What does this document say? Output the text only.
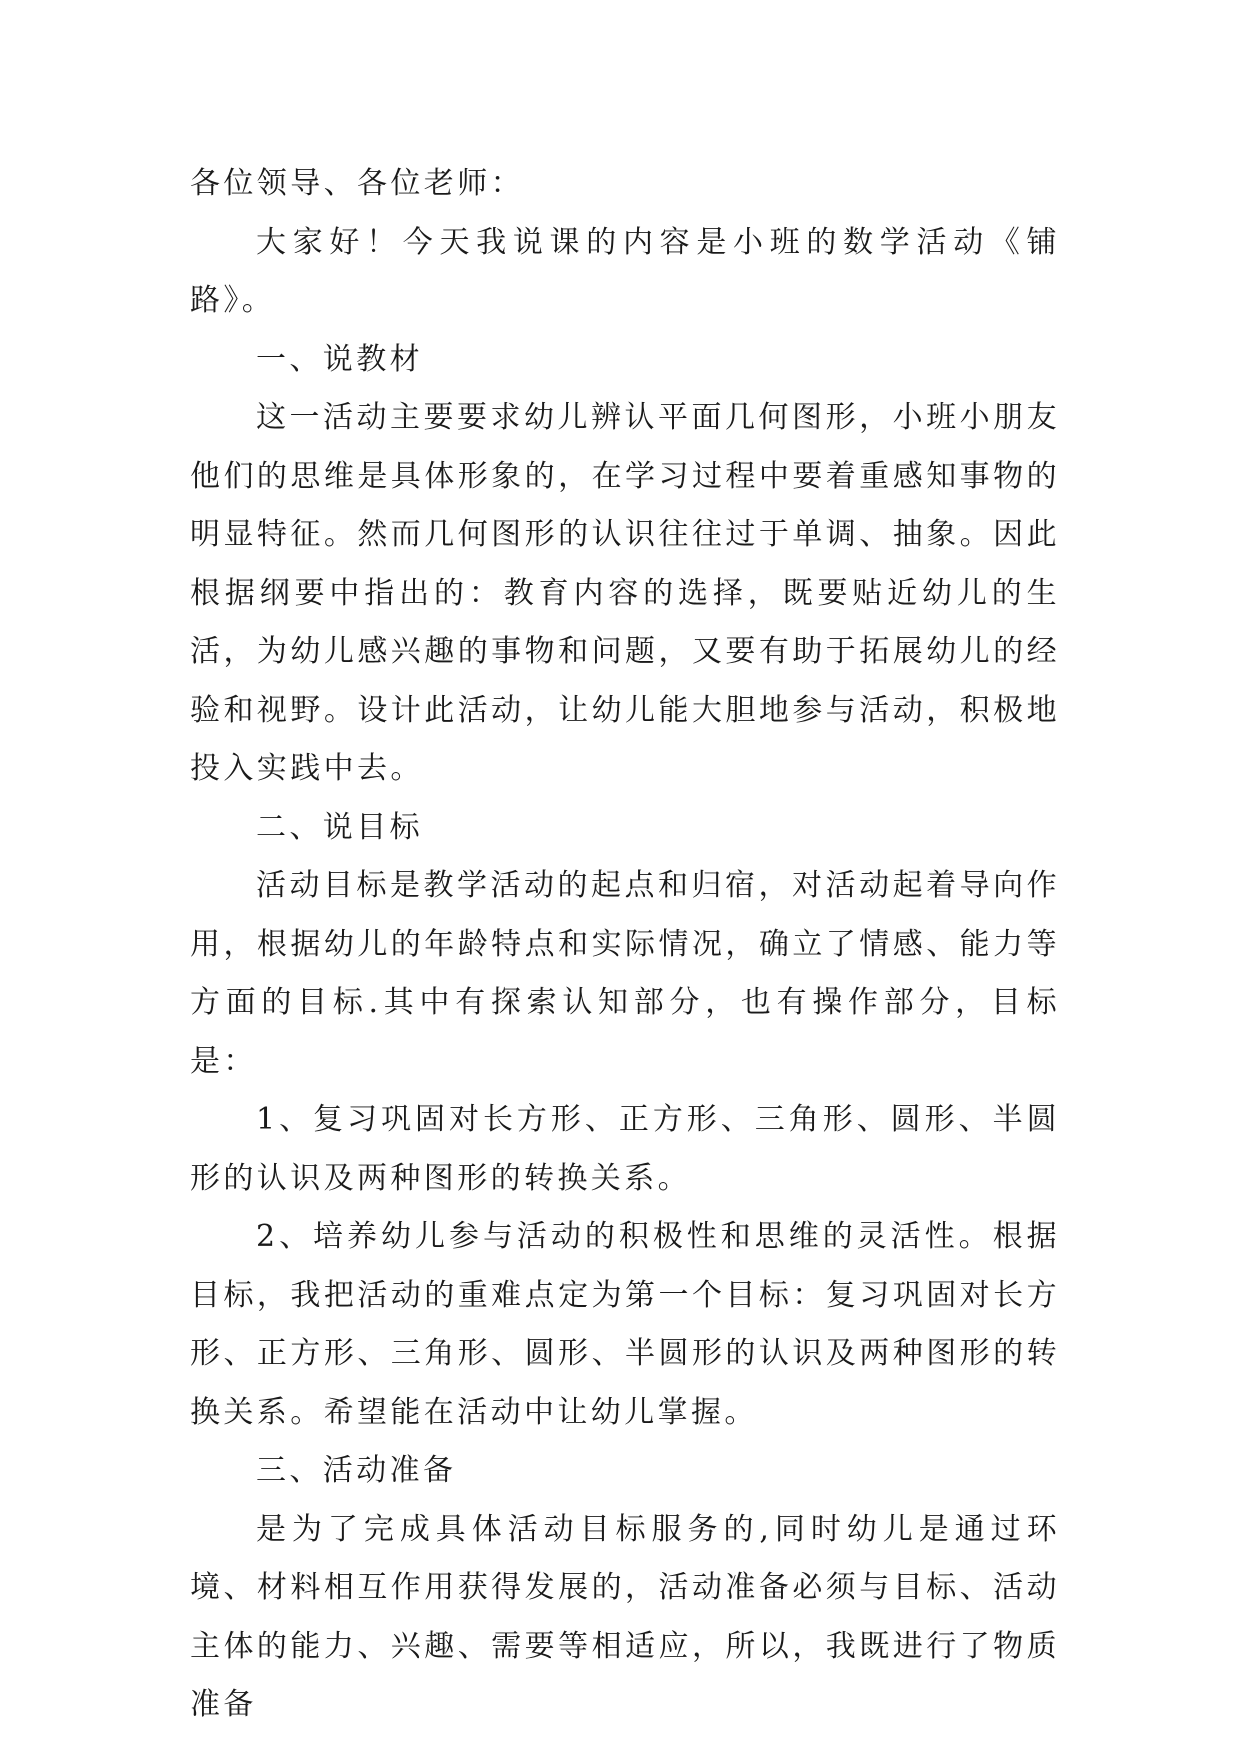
各位领导、各位老师：

大家好！今天我说课的内容是小班的数学活动《铺路》。

一、说教材

这一活动主要要求幼儿辨认平面几何图形，小班小朋友他们的思维是具体形象的，在学习过程中要着重感知事物的明显特征。然而几何图形的认识往往过于单调、抽象。因此根据纲要中指出的：教育内容的选择，既要贴近幼儿的生活，为幼儿感兴趣的事物和问题，又要有助于拓展幼儿的经验和视野。设计此活动，让幼儿能大胆地参与活动，积极地投入实践中去。

二、说目标

活动目标是教学活动的起点和归宿，对活动起着导向作用，根据幼儿的年龄特点和实际情况，确立了情感、能力等方面的目标.其中有探索认知部分，也有操作部分，目标是：

1、复习巩固对长方形、正方形、三角形、圆形、半圆形的认识及两种图形的转换关系。

2、培养幼儿参与活动的积极性和思维的灵活性。根据目标，我把活动的重难点定为第一个目标：复习巩固对长方形、正方形、三角形、圆形、半圆形的认识及两种图形的转换关系。希望能在活动中让幼儿掌握。

三、活动准备

是为了完成具体活动目标服务的,同时幼儿是通过环境、材料相互作用获得发展的，活动准备必须与目标、活动主体的能力、兴趣、需要等相适应，所以，我既进行了物质准备
